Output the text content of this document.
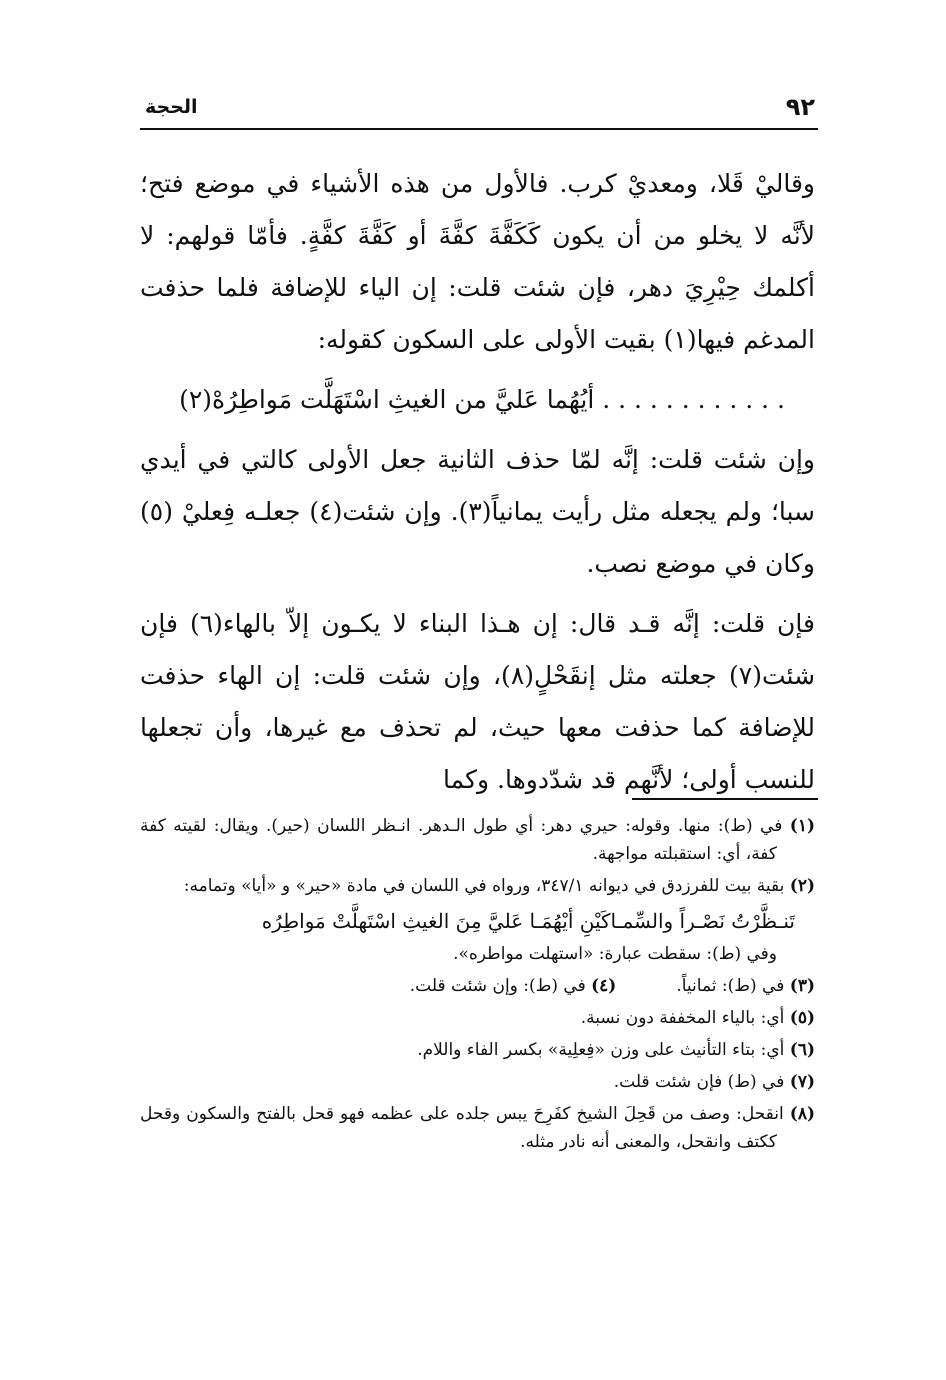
٩٢
الحجة

وقاليْ قَلا، ومعديْ كرب. فالأول من هذه الأشياء في موضع فتح؛ لأنَّه لا يخلو من أن يكون كَكَفَّةَ كفَّةَ أو كَفَّةَ كفَّةٍ. فأمّا قولهم: لا أكلمك حِيْرِيَ دهر، فإن شئت قلت: إن الياء للإضافة فلما حذفت المدغم فيها(١) بقيت الأولى على السكون كقوله:

. . . . . . . . . . . . أيُهُما عَليَّ من الغيثِ اسْتَهَلَّت مَواطِرُهْ(٢)

وإن شئت قلت: إنَّه لمّا حذف الثانية جعل الأولى كالتي في أيدي سبا؛ ولم يجعله مثل رأيت يمانياً(٣). وإن شئت(٤) جعلـه فِعليْ (٥) وكان في موضع نصب.

فإن قلت: إنَّه قـد قال: إن هـذا البناء لا يكـون إلاّ بالهاء(٦) فإن شئت(٧) جعلته مثل إنقَحْلٍ(٨)، وإن شئت قلت: إن الهاء حذفت للإضافة كما حذفت معها حيث، لم تحذف مع غيرها، وأن تجعلها للنسب أولى؛ لأنَّهم قد شدّدوها. وكما

(١) في (ط): منها. وقوله: حيري دهر: أي طول الـدهر. انـظر اللسان (حير). ويقال: لقيته كفة كفة، أي: استقبلته مواجهة.

(٢) بقية بيت للفرزدق في ديوانه ٣٤٧/١، ورواه في اللسان في مادة «حير» و «أيا» وتمامه:

تَنـظَّرْتُ نَصْـراً والسِّمـاكَيْنِ أيْهُمَـا عَليَّ مِنَ الغيثِ اسْتَهلَّتْ مَواطِرُه

وفي (ط): سقطت عبارة: «استهلت مواطره».

(٣) في (ط): ثمانياً.

(٤) في (ط): وإن شئت قلت.

(٥) أي: بالياء المخففة دون نسبة.

(٦) أي: بتاء التأنيث على وزن «فِعلِية» بكسر الفاء واللام.

(٧) في (ط) فإن شئت قلت.

(٨) انقحل: وصف من قَحِلَ الشيخ كفَرِحَ يبس جلده على عظمه فهو قحل بالفتح والسكون وقحل ككتف وانقحل، والمعنى أنه نادر مثله.
